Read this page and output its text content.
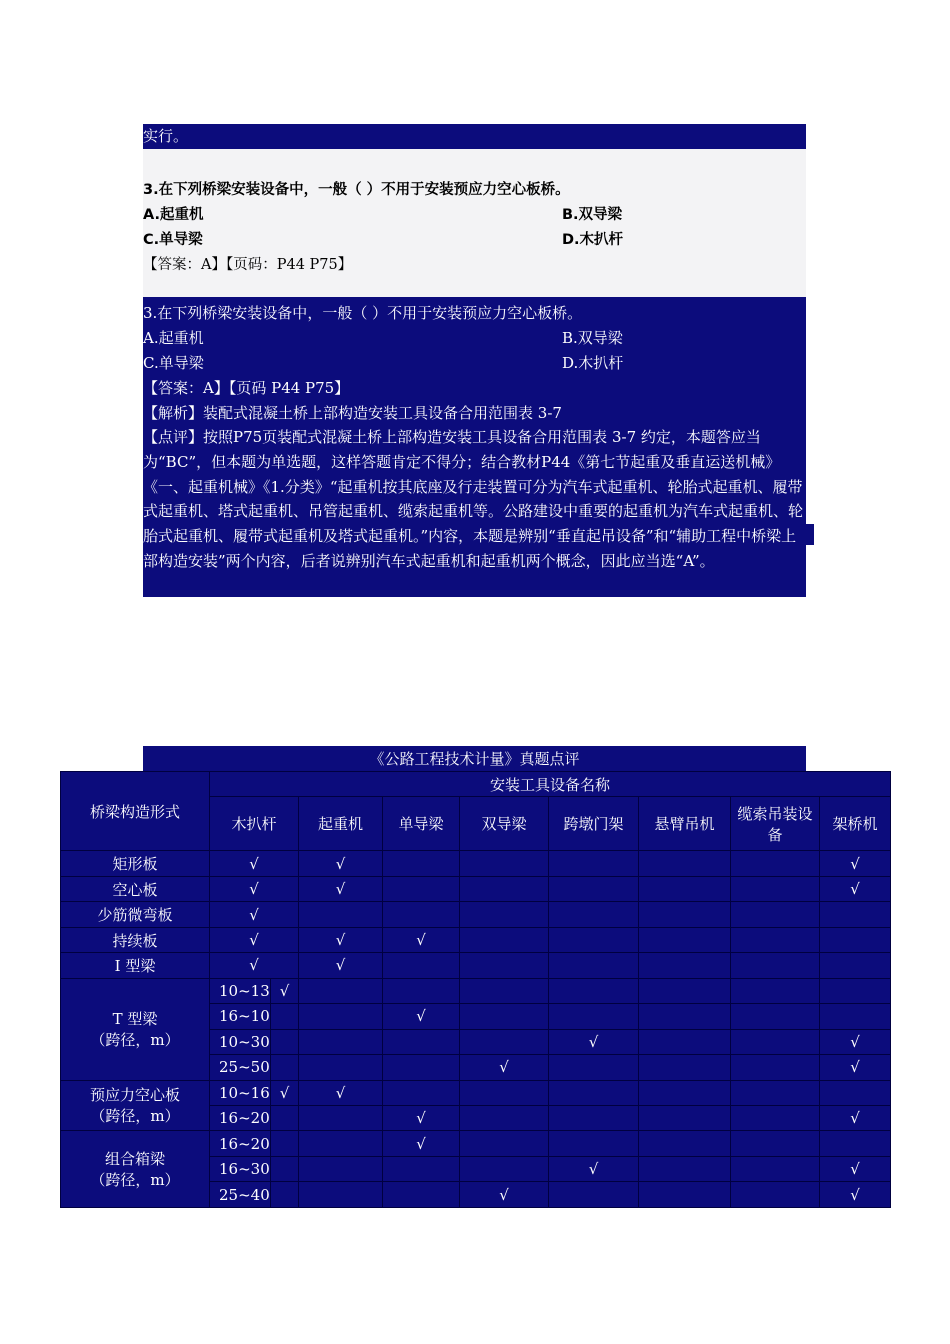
实行。
3.在下列桥梁安装设备中，一般（ ）不用于安装预应力空心板桥。
A.起重机	B.双导梁
C.单导梁	D.木扒杆
【答案：A】【页码：P44 P75】
3.在下列桥梁安装设备中，一般（ ）不用于安装预应力空心板桥。
A.起重机	B.双导梁
C.单导梁	D.木扒杆
【答案：A】【页码 P44 P75】
【解析】装配式混凝土桥上部构造安装工具设备合用范围表 3-7
【点评】按照P75页装配式混凝土桥上部构造安装工具设备合用范围表 3-7 约定，本题答应当为“BC”，但本题为单选题，这样答题肯定不得分；结合教材P44《第七节起重及垂直运送机械》《一、起重机械》《1.分类》“起重机按其底座及行走装置可分为汽车式起重机、轮胎式起重机、履带式起重机、塔式起重机、吊管起重机、缆索起重机等。公路建设中重要的起重机为汽车式起重机、轮胎式起重机、履带式起重机及塔式起重机。”内容，本题是辨别“垂直起吊设备”和“辅助工程中桥梁上部构造安装”两个内容，后者说辨别汽车式起重机和起重机两个概念，因此应当选“A”。
《公路工程技术计量》真题点评
桥梁构造形式	安装工具设备名称								
	木扒杆		起重机	单导梁	双导梁	跨墩门架	悬臂吊机	缆索吊装设备	架桥机
矩形板	√		√						√
空心板	√		√						√
少筋微弯板	√								
持续板	√		√	√					
I 型梁	√		√						
T 型梁
（跨径，m）	10~13	√							
	16~10			√					
	10~30					√			√
	25~50				√				√
预应力空心板
（跨径，m）	10~16	√	√						
	16~20			√					√
组合箱梁
（跨径，m）	16~20			√					
	16~30					√			√
	25~40				√				√
